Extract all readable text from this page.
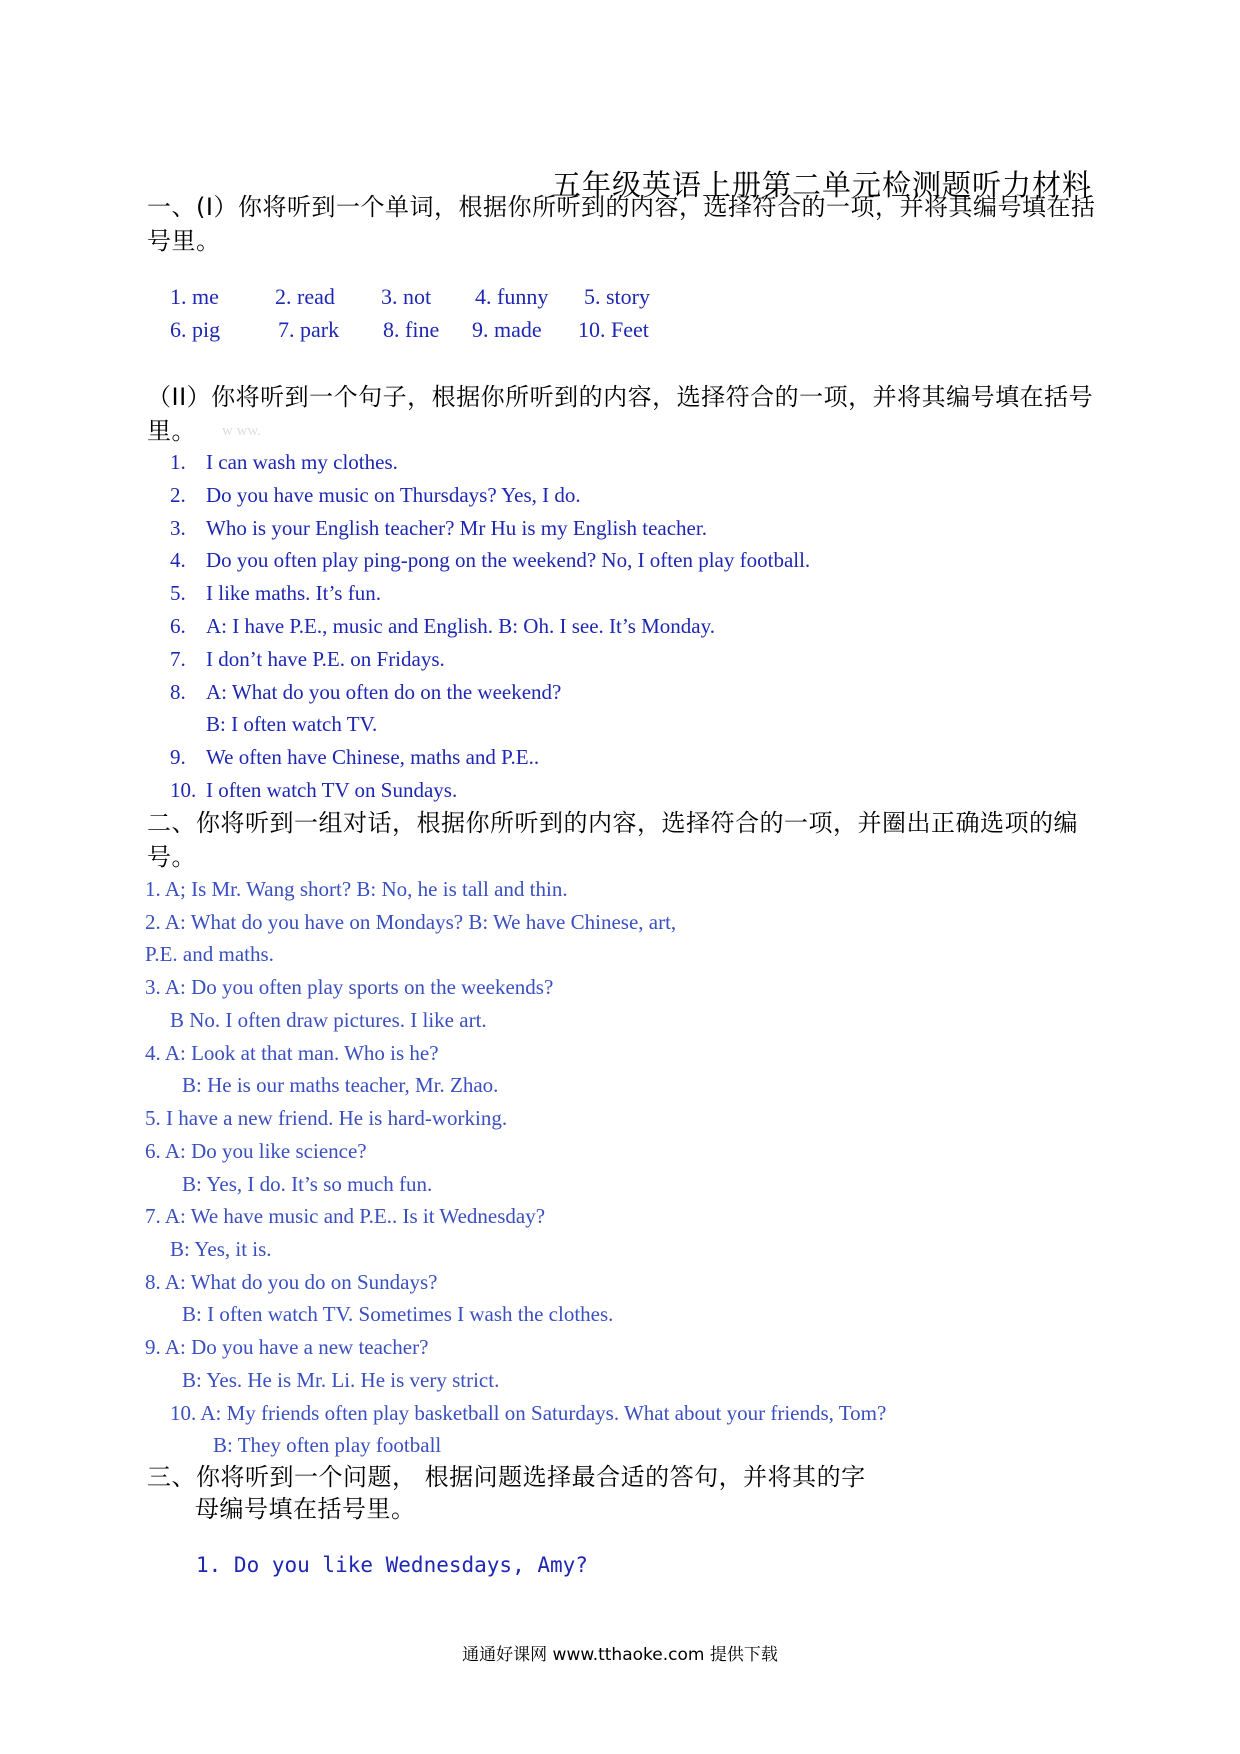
五年级英语上册第二单元检测题听力材料
一、(I）你将听到一个单词，根据你所听到的内容，选择符合的一项，并将其编号填在括号里。
1. me	2. read 3. not 4. funny 5. story
6. pig	7. park 8. fine 9. made 10. Feet
（II）你将听到一个句子，根据你所听到的内容，选择符合的一项，并将其编号填在括号里。	w ww.
1. I can wash my clothes.
2. Do you have music on Thursdays? Yes, I do.
3. Who is your English teacher? Mr Hu is my English teacher.
4. Do you often play ping-pong on the weekend? No, I often play football.
5. I like maths. It’s fun.
6. A: I have P.E., music and English. B: Oh. I see. It’s Monday.
7. I don’t have P.E. on Fridays.
8. A: What do you often do on the weekend?
B: I often watch TV.
9. We often have Chinese, maths and P.E..
10. I often watch TV on Sundays.
二、你将听到一组对话，根据你所听到的内容，选择符合的一项，并圈出正确选项的编号。
1. A; Is Mr. Wang short? B: No, he is tall and thin.
2. A: What do you have on Mondays? B: We have Chinese, art,
P.E. and maths.
3. A: Do you often play sports on the weekends?
B No. I often draw pictures. I like art.
4. A: Look at that man. Who is he?
B: He is our maths teacher, Mr. Zhao.
5. I have a new friend. He is hard-working.
6. A: Do you like science?
B: Yes, I do. It’s so much fun.
7. A: We have music and P.E.. Is it Wednesday?
B: Yes, it is.
8. A: What do you do on Sundays?
B: I often watch TV. Sometimes I wash the clothes.
9. A: Do you have a new teacher?
B: Yes. He is Mr. Li. He is very strict.
10. A: My friends often play basketball on Saturdays. What about your friends, Tom?
B: They often play football
三、你将听到一个问题， 根据问题选择最合适的答句，并将其的字
母编号填在括号里。
1. Do you like Wednesdays, Amy?
通通好课网 www.tthaoke.com 提供下载
